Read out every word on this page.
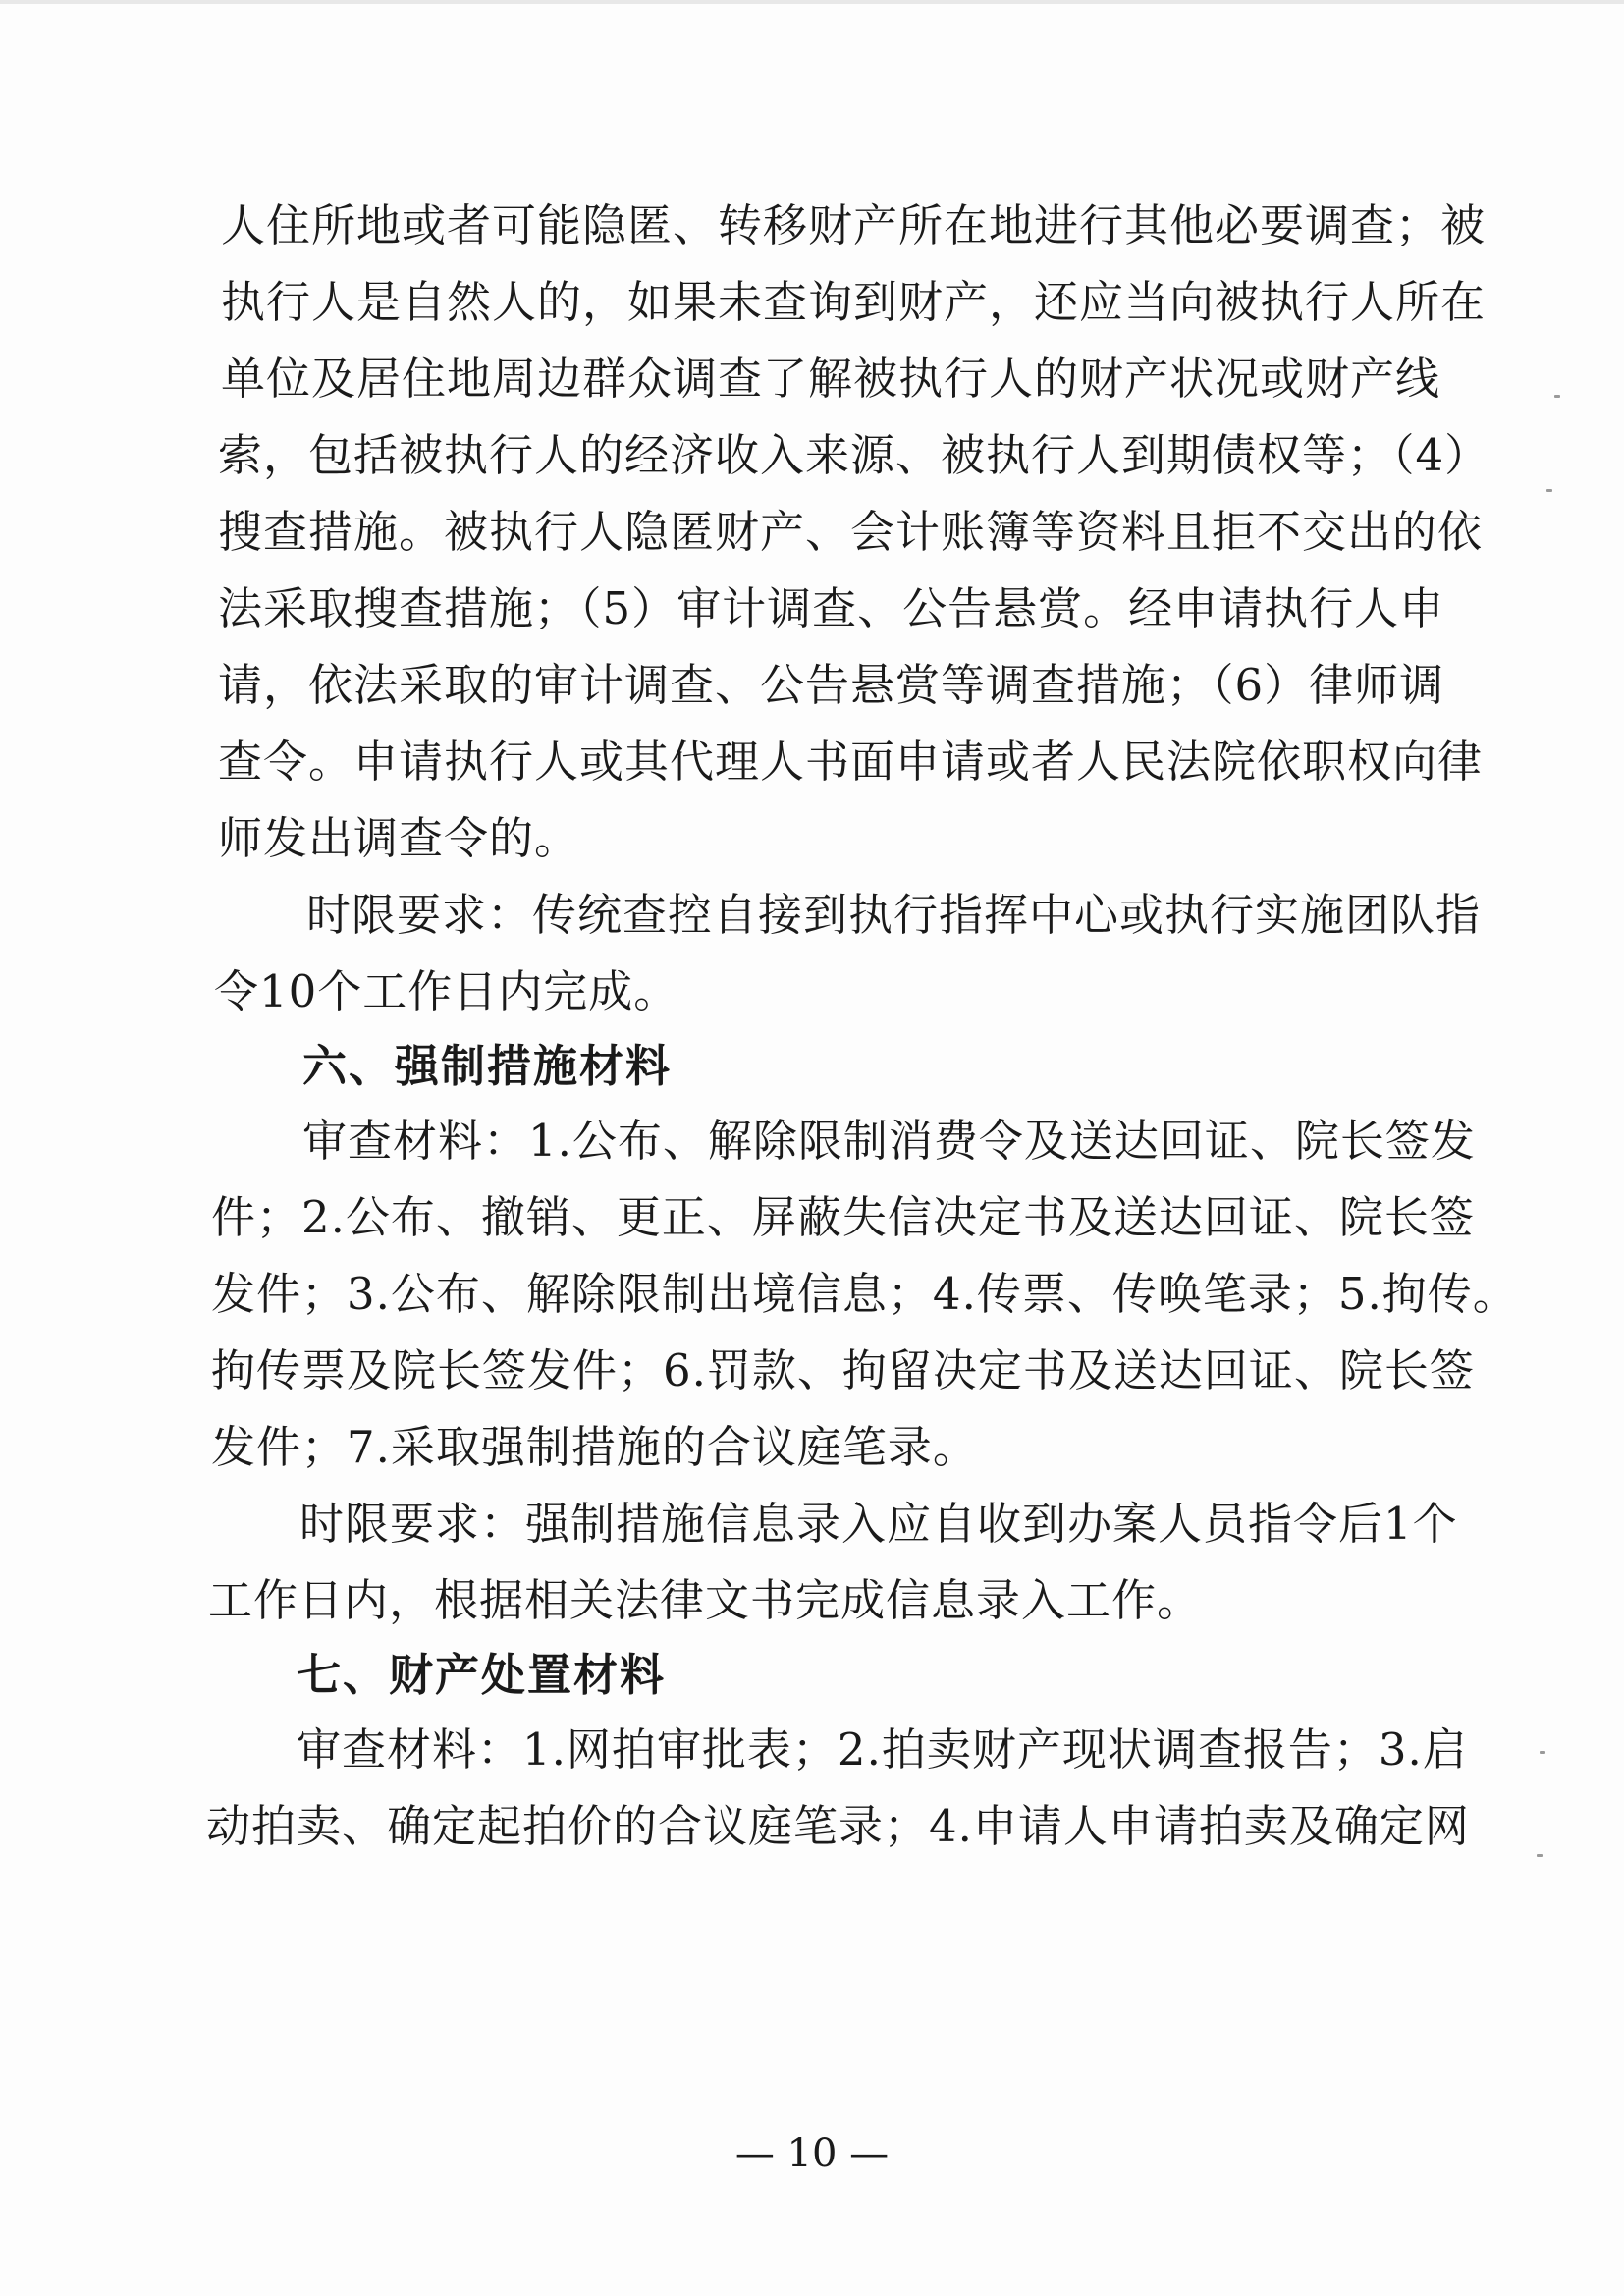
人住所地或者可能隐匿、转移财产所在地进行其他必要调查；被
执行人是自然人的，如果未查询到财产，还应当向被执行人所在
单位及居住地周边群众调查了解被执行人的财产状况或财产线
索，包括被执行人的经济收入来源、被执行人到期债权等；（4）
搜查措施。被执行人隐匿财产、会计账簿等资料且拒不交出的依
法采取搜查措施；（5）审计调查、公告悬赏。经申请执行人申
请，依法采取的审计调查、公告悬赏等调查措施；（6）律师调
查令。申请执行人或其代理人书面申请或者人民法院依职权向律
师发出调查令的。
时限要求：传统查控自接到执行指挥中心或执行实施团队指
令10个工作日内完成。
六、强制措施材料
审查材料：1.公布、解除限制消费令及送达回证、院长签发
件；2.公布、撤销、更正、屏蔽失信决定书及送达回证、院长签
发件；3.公布、解除限制出境信息；4.传票、传唤笔录；5.拘传。
拘传票及院长签发件；6.罚款、拘留决定书及送达回证、院长签
发件；7.采取强制措施的合议庭笔录。
时限要求：强制措施信息录入应自收到办案人员指令后1个
工作日内，根据相关法律文书完成信息录入工作。
七、财产处置材料
审查材料：1.网拍审批表；2.拍卖财产现状调查报告；3.启
动拍卖、确定起拍价的合议庭笔录；4.申请人申请拍卖及确定网
— 10 —
